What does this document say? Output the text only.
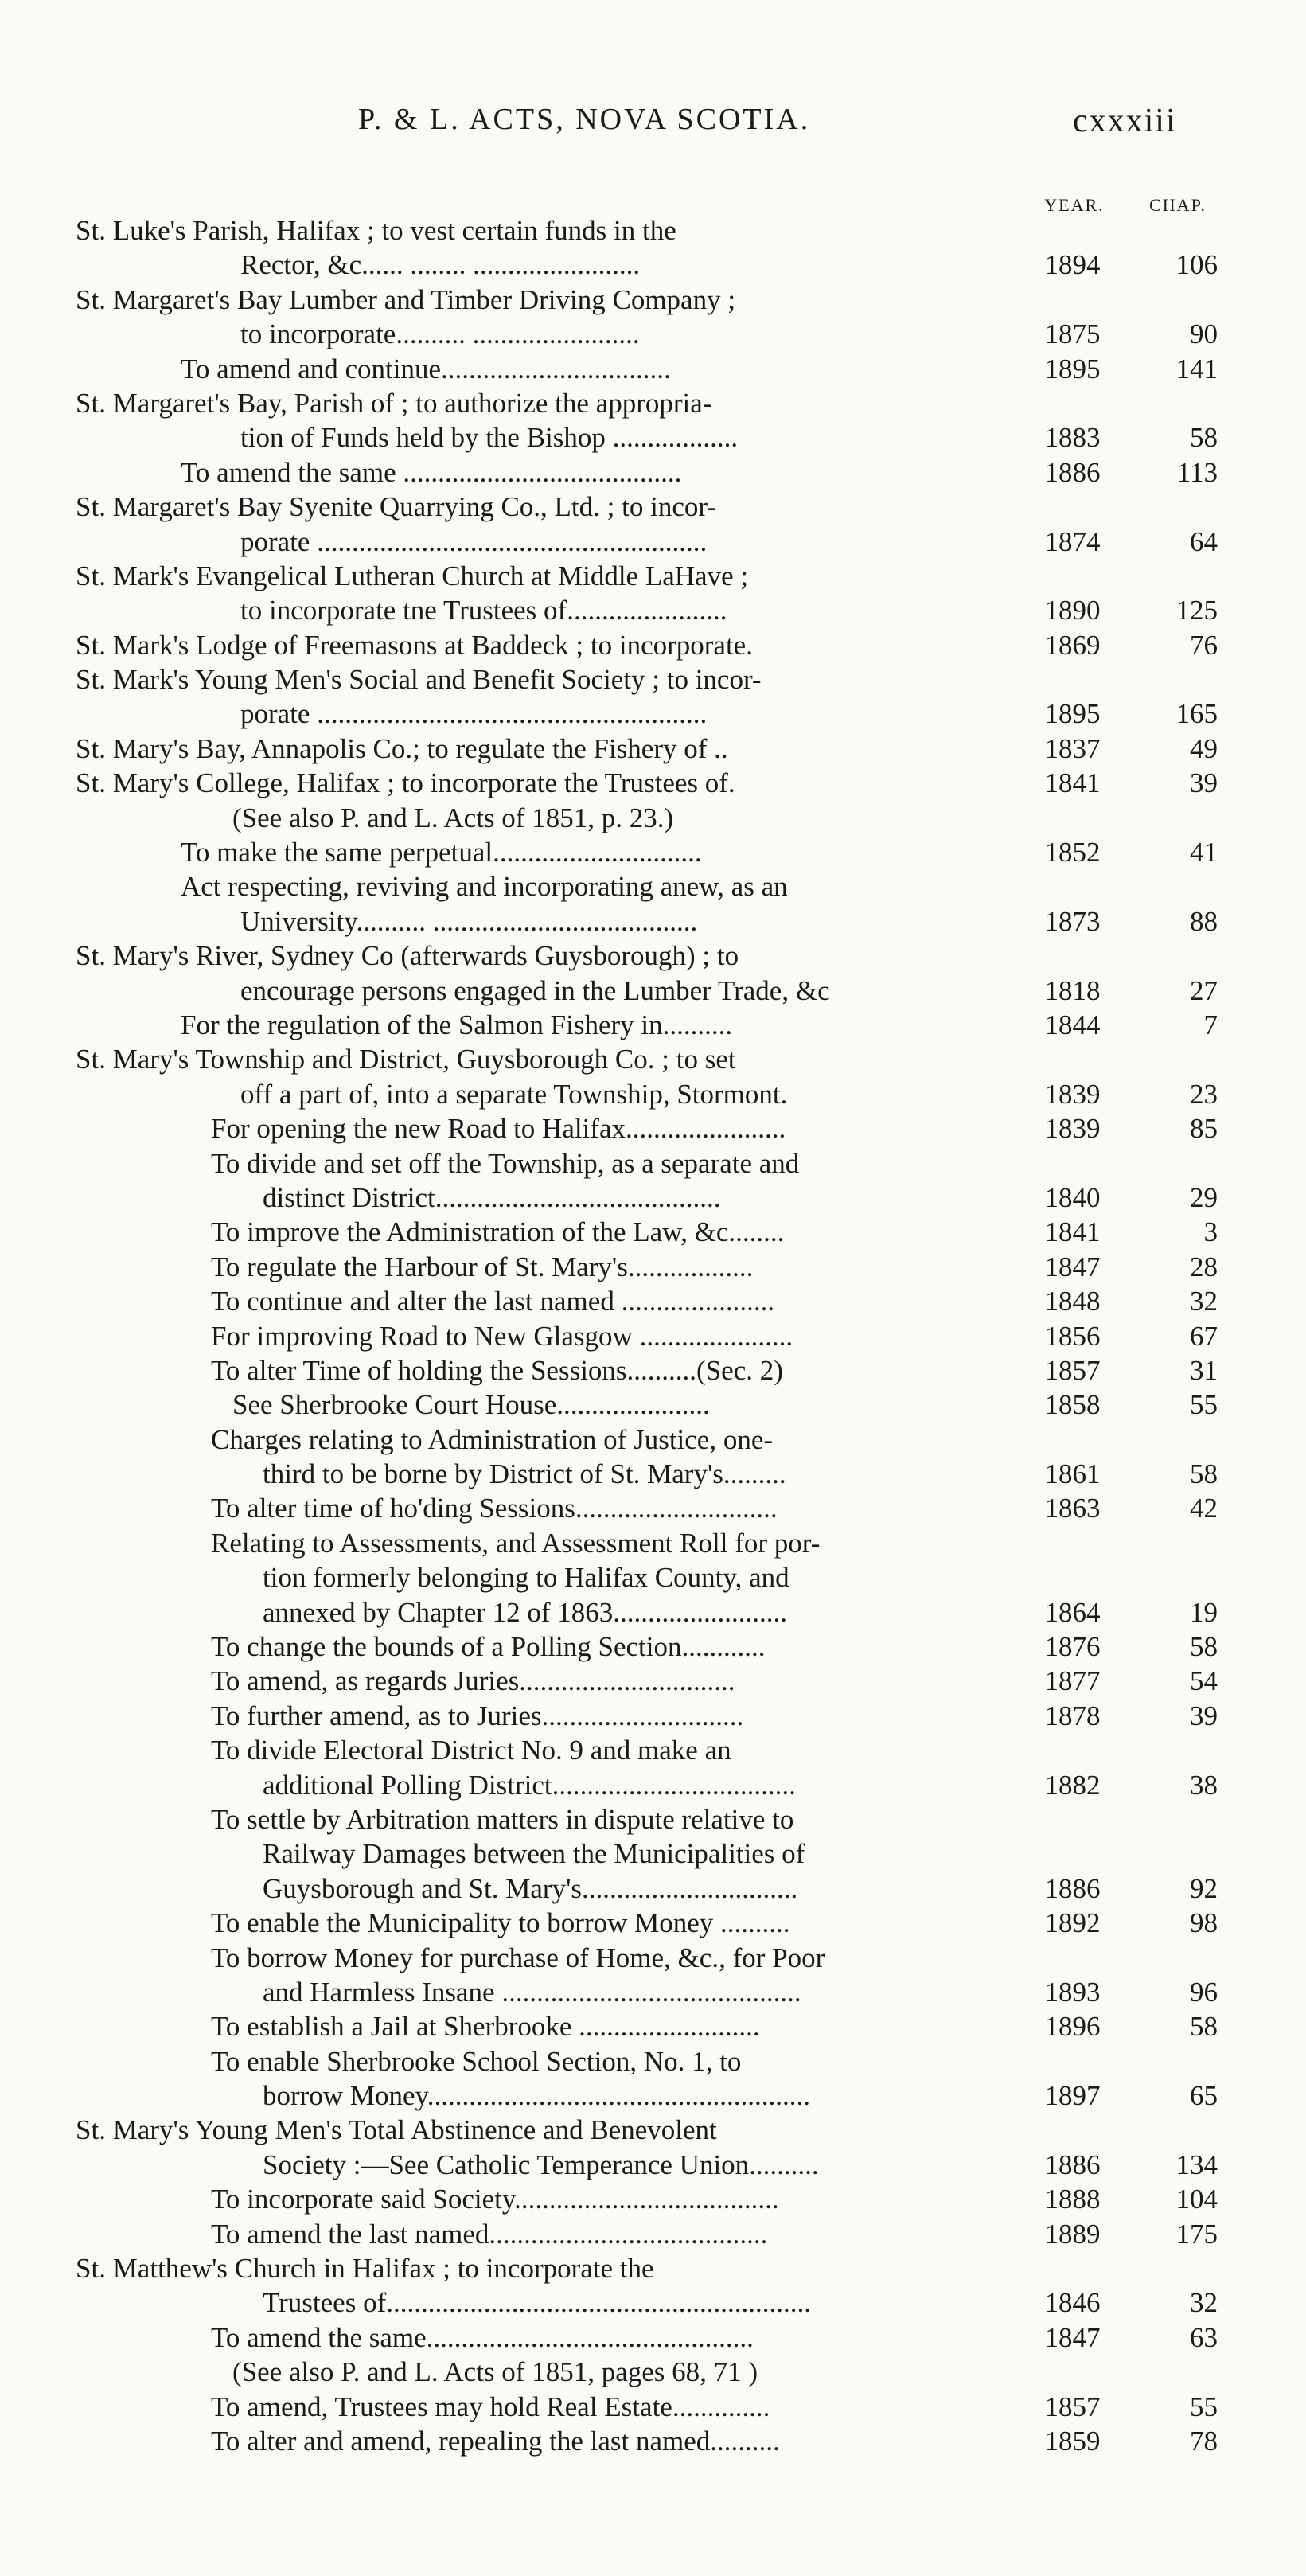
P. & L. ACTS, NOVA SCOTIA.	cxxxiii
YEAR.	CHAP.
St. Luke's Parish, Halifax ; to vest certain funds in the
Rector, &c...... ........ ........................	1894	106
St. Margaret's Bay Lumber and Timber Driving Company ;
to incorporate.......... ........................	1875	90
To amend and continue.................................	1895	141
St. Margaret's Bay, Parish of ; to authorize the appropria-
tion of Funds held by the Bishop ..................	1883	58
To amend the same ........................................	1886	113
St. Margaret's Bay Syenite Quarrying Co., Ltd. ; to incor-
porate ........................................................	1874	64
St. Mark's Evangelical Lutheran Church at Middle LaHave ;
to incorporate tne Trustees of.......................	1890	125
St. Mark's Lodge of Freemasons at Baddeck ; to incorporate.	1869	76
St. Mark's Young Men's Social and Benefit Society ; to incor-
porate ........................................................	1895	165
St. Mary's Bay, Annapolis Co.; to regulate the Fishery of ..	1837	49
St. Mary's College, Halifax ; to incorporate the Trustees of.	1841	39
(See also P. and L. Acts of 1851, p. 23.)
To make the same perpetual..............................	1852	41
Act respecting, reviving and incorporating anew, as an
University.......... ......................................	1873	88
St. Mary's River, Sydney Co (afterwards Guysborough) ; to
encourage persons engaged in the Lumber Trade, &c	1818	27
For the regulation of the Salmon Fishery in..........	1844	7
St. Mary's Township and District, Guysborough Co. ; to set
off a part of, into a separate Township, Stormont.	1839	23
For opening the new Road to Halifax.......................	1839	85
To divide and set off the Township, as a separate and
distinct District.........................................	1840	29
To improve the Administration of the Law, &c........	1841	3
To regulate the Harbour of St. Mary's..................	1847	28
To continue and alter the last named ......................	1848	32
For improving Road to New Glasgow ......................	1856	67
To alter Time of holding the Sessions..........(Sec. 2)	1857	31
See Sherbrooke Court House......................	1858	55
Charges relating to Administration of Justice, one-
third to be borne by District of St. Mary's.........	1861	58
To alter time of ho'ding Sessions.............................	1863	42
Relating to Assessments, and Assessment Roll for por-
tion formerly belonging to Halifax County, and
annexed by Chapter 12 of 1863.........................	1864	19
To change the bounds of a Polling Section............	1876	58
To amend, as regards Juries...............................	1877	54
To further amend, as to Juries.............................	1878	39
To divide Electoral District No. 9 and make an
additional Polling District...................................	1882	38
To settle by Arbitration matters in dispute relative to
Railway Damages between the Municipalities of
Guysborough and St. Mary's...............................	1886	92
To enable the Municipality to borrow Money ..........	1892	98
To borrow Money for purchase of Home, &c., for Poor
and Harmless Insane ...........................................	1893	96
To establish a Jail at Sherbrooke ..........................	1896	58
To enable Sherbrooke School Section, No. 1, to
borrow Money.......................................................	1897	65
St. Mary's Young Men's Total Abstinence and Benevolent
Society :—See Catholic Temperance Union..........	1886	134
To incorporate said Society......................................	1888	104
To amend the last named........................................	1889	175
St. Matthew's Church in Halifax ; to incorporate the
Trustees of.............................................................	1846	32
To amend the same...............................................	1847	63
(See also P. and L. Acts of 1851, pages 68, 71 )
To amend, Trustees may hold Real Estate..............	1857	55
To alter and amend, repealing the last named..........	1859	78
